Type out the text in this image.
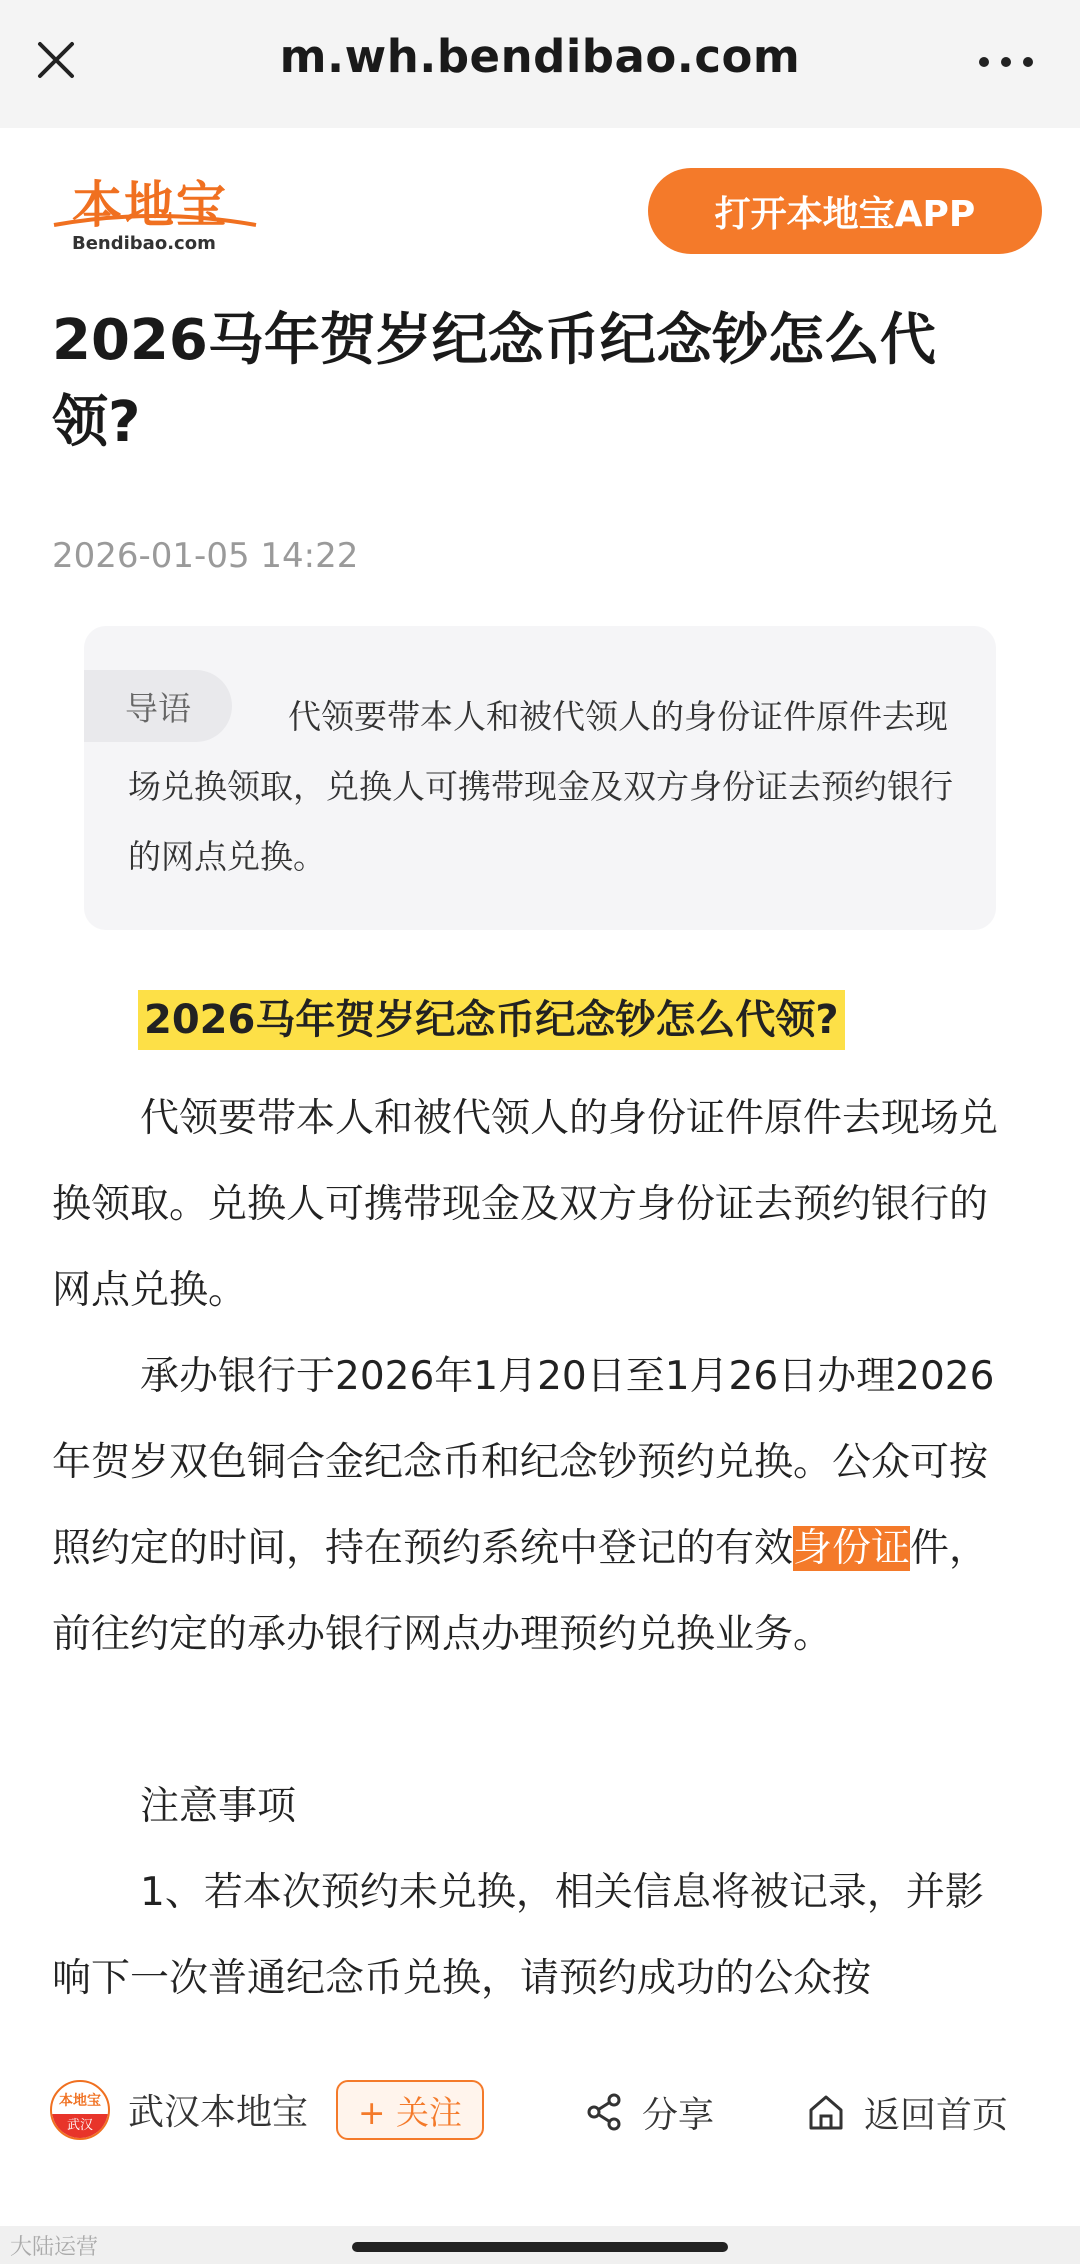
m.wh.bendibao.com
本地宝
Bendibao.com
打开本地宝APP
2026马年贺岁纪念币纪念钞怎么代领?
2026-01-05 14:22
导语	代领要带本人和被代领人的身份证件原件去现场兑换领取，兑换人可携带现金及双方身份证去预约银行的网点兑换。
2026马年贺岁纪念币纪念钞怎么代领?
代领要带本人和被代领人的身份证件原件去现场兑换领取。兑换人可携带现金及双方身份证去预约银行的网点兑换。
承办银行于2026年1月20日至1月26日办理2026年贺岁双色铜合金纪念币和纪念钞预约兑换。公众可按照约定的时间，持在预约系统中登记的有效身份证件，前往约定的承办银行网点办理预约兑换业务。
注意事项
1、若本次预约未兑换，相关信息将被记录，并影响下一次普通纪念币兑换，请预约成功的公众按
本地宝
武汉 武汉本地宝	+ 关注	分享	返回首页
大陆运营
